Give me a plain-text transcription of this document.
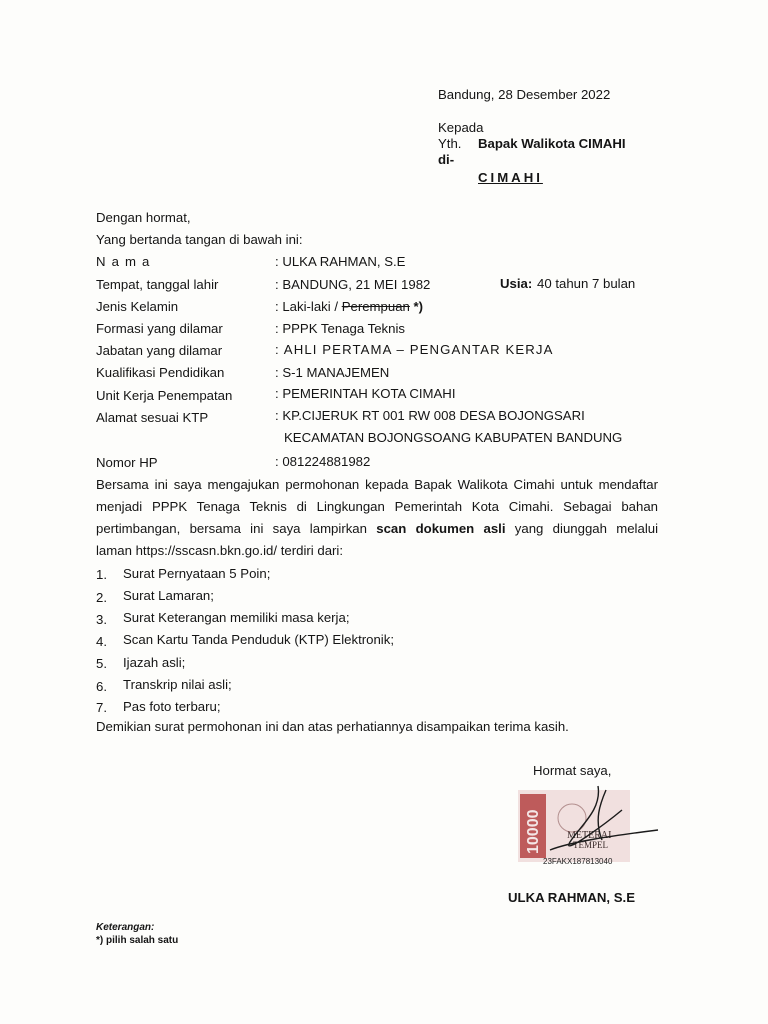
Bandung, 28 Desember 2022
Kepada
Yth. Bapak Walikota CIMAHI
di-
CIMAHI
Dengan hormat,
Yang bertanda tangan di bawah ini:
N a m a	: ULKA RAHMAN, S.E
Tempat, tanggal lahir	: BANDUNG, 21 MEI 1982	Usia: 40 tahun 7 bulan
Jenis Kelamin	: Laki-laki / Perempuan *)
Formasi yang dilamar	: PPPK Tenaga Teknis
Jabatan yang dilamar	: AHLI PERTAMA – PENGANTAR KERJA
Kualifikasi Pendidikan	: S-1 MANAJEMEN
Unit Kerja Penempatan	: PEMERINTAH KOTA CIMAHI
Alamat sesuai KTP	: KP.CIJERUK RT 001 RW 008 DESA BOJONGSARI
KECAMATAN BOJONGSOANG KABUPATEN BANDUNG
Nomor HP	: 081224881982
Bersama ini saya mengajukan permohonan kepada Bapak Walikota Cimahi untuk mendaftar
menjadi PPPK Tenaga Teknis di Lingkungan Pemerintah Kota Cimahi. Sebagai bahan
pertimbangan, bersama ini saya lampirkan scan dokumen asli yang diunggah melalui
laman https://sscasn.bkn.go.id/ terdiri dari:
1. Surat Pernyataan 5 Poin;
2. Surat Lamaran;
3. Surat Keterangan memiliki masa kerja;
4. Scan Kartu Tanda Penduduk (KTP) Elektronik;
5. Ijazah asli;
6. Transkrip nilai asli;
7. Pas foto terbaru;
Demikian surat permohonan ini dan atas perhatiannya disampaikan terima kasih.
Hormat saya,
10000	METERAI
TEMPEL
23FAKX187813040
ULKA RAHMAN, S.E
Keterangan:
*) pilih salah satu
